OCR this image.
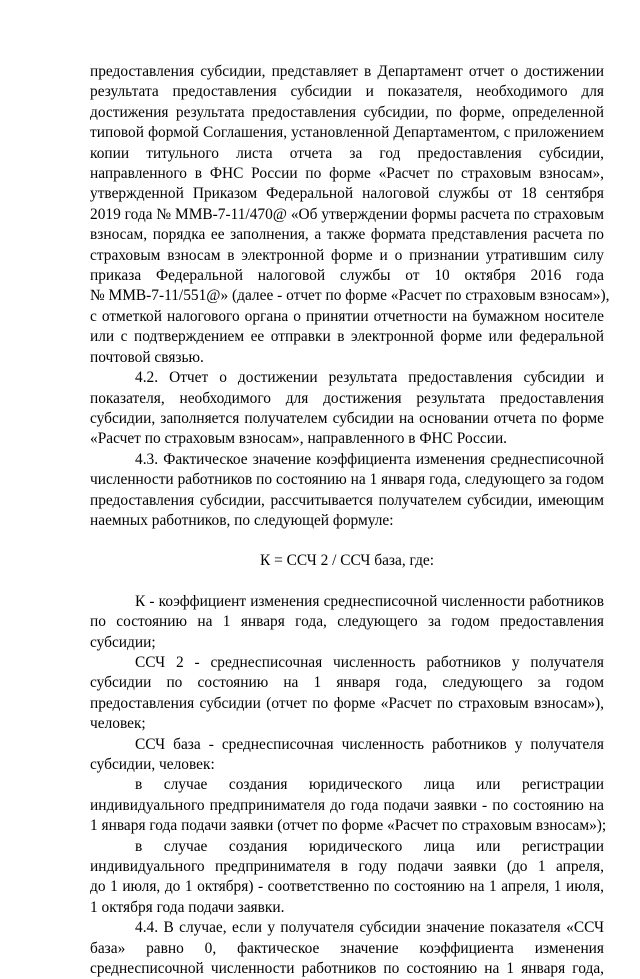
предоставления субсидии, представляет в Департамент отчет о достижении

результата предоставления субсидии и показателя, необходимого для

достижения результата предоставления субсидии, по форме, определенной

типовой формой Соглашения, установленной Департаментом, с приложением

копии титульного листа отчета за год предоставления субсидии,

направленного в ФНС России по форме «Расчет по страховым взносам»,

утвержденной Приказом Федеральной налоговой службы от 18 сентября

2019 года № ММВ-7-11/470@ «Об утверждении формы расчета по страховым

взносам, порядка ее заполнения, а также формата представления расчета по

страховым взносам в электронной форме и о признании утратившим силу

приказа Федеральной налоговой службы от 10 октября 2016 года

№ ММВ-7-11/551@» (далее - отчет по форме «Расчет по страховым взносам»),

с отметкой налогового органа о принятии отчетности на бумажном носителе

или с подтверждением ее отправки в электронной форме или федеральной

почтовой связью.

4.2. Отчет о достижении результата предоставления субсидии и

показателя, необходимого для достижения результата предоставления

субсидии, заполняется получателем субсидии на основании отчета по форме

«Расчет по страховым взносам», направленного в ФНС России.

4.3. Фактическое значение коэффициента изменения среднесписочной

численности работников по состоянию на 1 января года, следующего за годом

предоставления субсидии, рассчитывается получателем субсидии, имеющим

наемных работников, по следующей формуле:

К = ССЧ 2 / ССЧ база, где:

К - коэффициент изменения среднесписочной численности работников

по состоянию на 1 января года, следующего за годом предоставления

субсидии;

ССЧ 2 - среднесписочная численность работников у получателя

субсидии по состоянию на 1 января года, следующего за годом

предоставления субсидии (отчет по форме «Расчет по страховым взносам»),

человек;

ССЧ база - среднесписочная численность работников у получателя

субсидии, человек:

в случае создания юридического лица или регистрации

индивидуального предпринимателя до года подачи заявки - по состоянию на

1 января года подачи заявки (отчет по форме «Расчет по страховым взносам»);

в случае создания юридического лица или регистрации

индивидуального предпринимателя в году подачи заявки (до 1 апреля,

до 1 июля, до 1 октября) - соответственно по состоянию на 1 апреля, 1 июля,

1 октября года подачи заявки.

4.4. В случае, если у получателя субсидии значение показателя «ССЧ

база» равно 0, фактическое значение коэффициента изменения

среднесписочной численности работников по состоянию на 1 января года,
